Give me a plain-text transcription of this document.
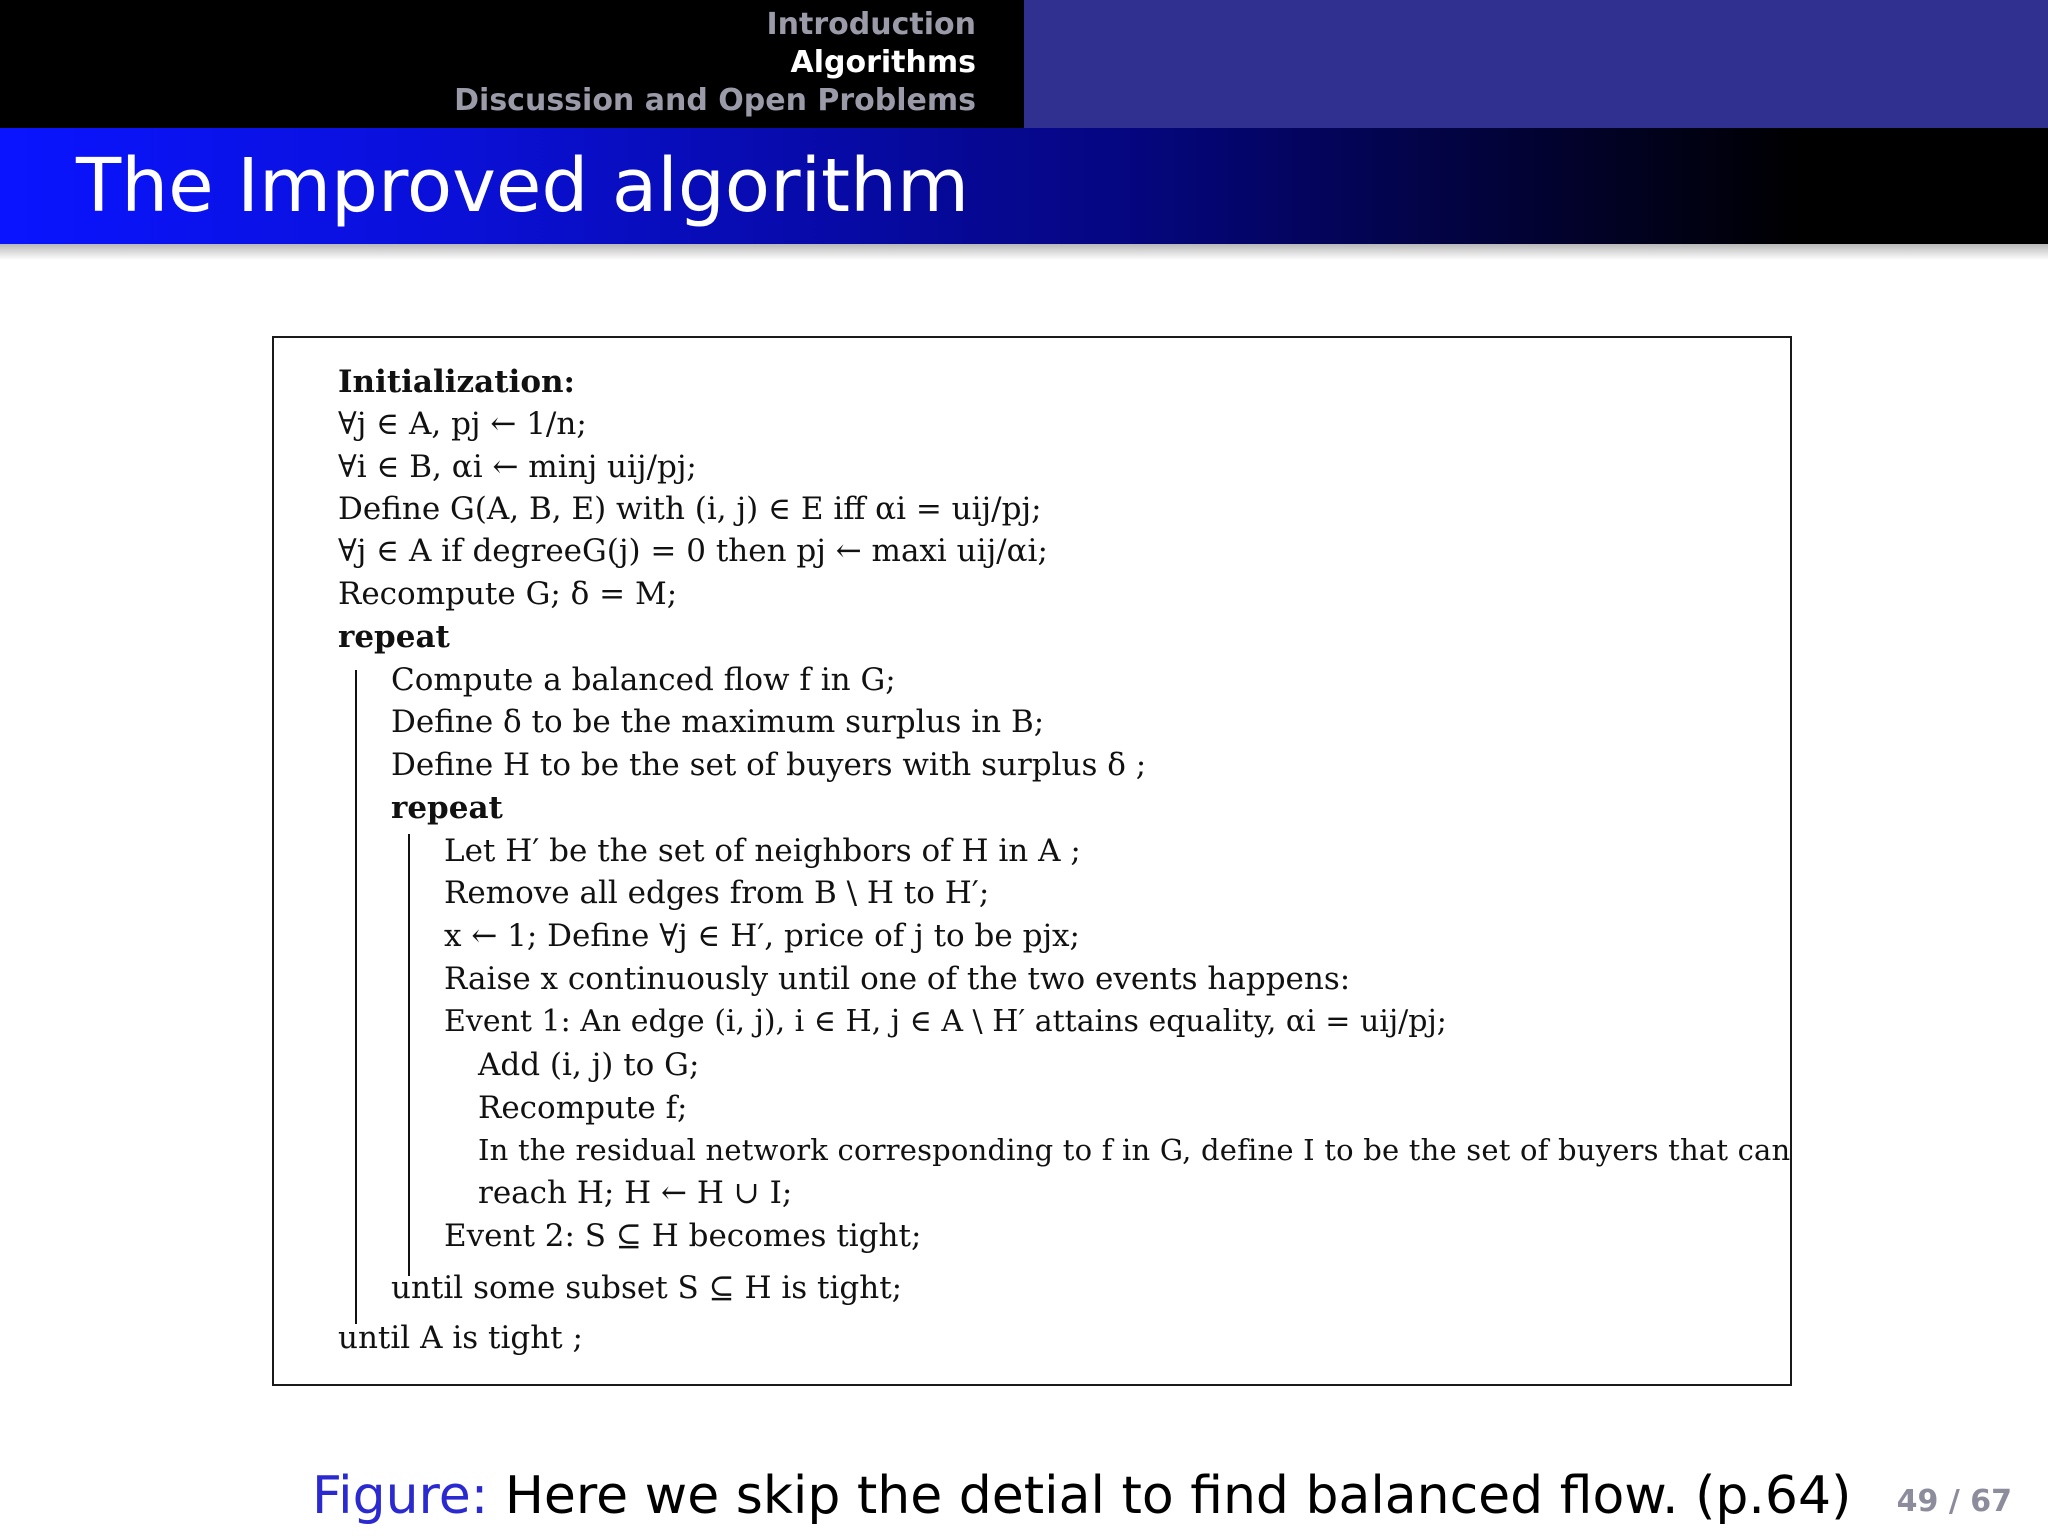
Introduction
Algorithms
Discussion and Open Problems
The Improved algorithm
Initialization:
∀j ∈ A, pj ← 1/n;
∀i ∈ B, αi ← minj uij/pj;
Define G(A, B, E) with (i, j) ∈ E iff αi = uij/pj;
∀j ∈ A if degreeG(j) = 0 then pj ← maxi uij/αi;
Recompute G; δ = M;
repeat
Compute a balanced flow f in G;
Define δ to be the maximum surplus in B;
Define H to be the set of buyers with surplus δ ;
repeat
Let H′ be the set of neighbors of H in A ;
Remove all edges from B \ H to H′;
x ← 1; Define ∀j ∈ H′, price of j to be pjx;
Raise x continuously until one of the two events happens:
Event 1: An edge (i, j), i ∈ H, j ∈ A \ H′ attains equality, αi = uij/pj;
Add (i, j) to G;
Recompute f;
In the residual network corresponding to f in G, define I to be the set of buyers that can
reach H; H ← H ∪ I;
Event 2: S ⊆ H becomes tight;
until some subset S ⊆ H is tight;
until A is tight ;
Figure: Here we skip the detial to find balanced flow. (p.64) 49 / 67
